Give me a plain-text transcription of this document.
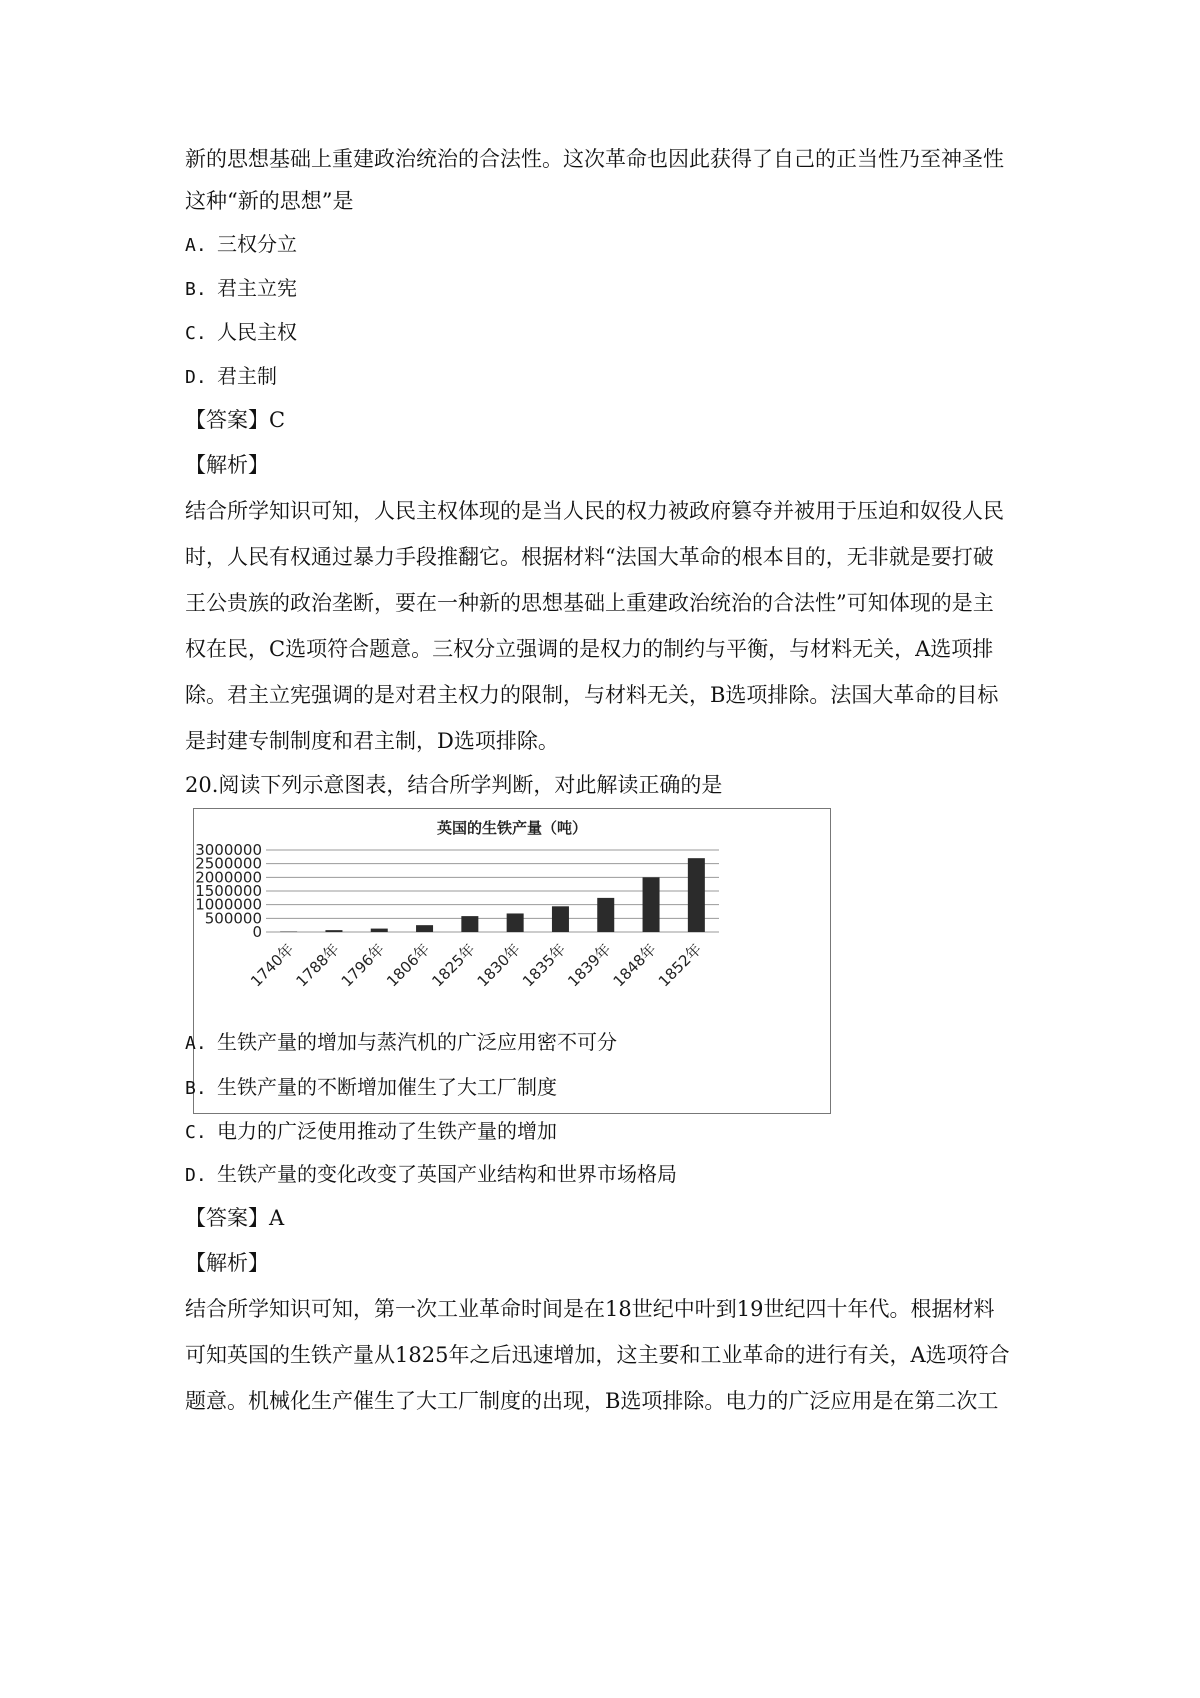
新的思想基础上重建政治统治的合法性。这次革命也因此获得了自己的正当性乃至神圣性
这种“新的思想”是
A. 三权分立
B. 君主立宪
C. 人民主权
D. 君主制
【答案】C
【解析】
结合所学知识可知，人民主权体现的是当人民的权力被政府篡夺并被用于压迫和奴役人民
时，人民有权通过暴力手段推翻它。根据材料“法国大革命的根本目的，无非就是要打破
王公贵族的政治垄断，要在一种新的思想基础上重建政治统治的合法性”可知体现的是主
权在民，C选项符合题意。三权分立强调的是权力的制约与平衡，与材料无关，A选项排
除。君主立宪强调的是对君主权力的限制，与材料无关，B选项排除。法国大革命的目标
是封建专制制度和君主制，D选项排除。
20.阅读下列示意图表，结合所学判断，对此解读正确的是
英国的生铁产量（吨）
0
500000
1000000
1500000
2000000
2500000
3000000
1740年
1788年
1796年
1806年
1825年
1830年
1835年
1839年
1848年
1852年
A. 生铁产量的增加与蒸汽机的广泛应用密不可分
B. 生铁产量的不断增加催生了大工厂制度
C. 电力的广泛使用推动了生铁产量的增加
D. 生铁产量的变化改变了英国产业结构和世界市场格局
【答案】A
【解析】
结合所学知识可知，第一次工业革命时间是在18世纪中叶到19世纪四十年代。根据材料
可知英国的生铁产量从1825年之后迅速增加，这主要和工业革命的进行有关，A选项符合
题意。机械化生产催生了大工厂制度的出现，B选项排除。电力的广泛应用是在第二次工
